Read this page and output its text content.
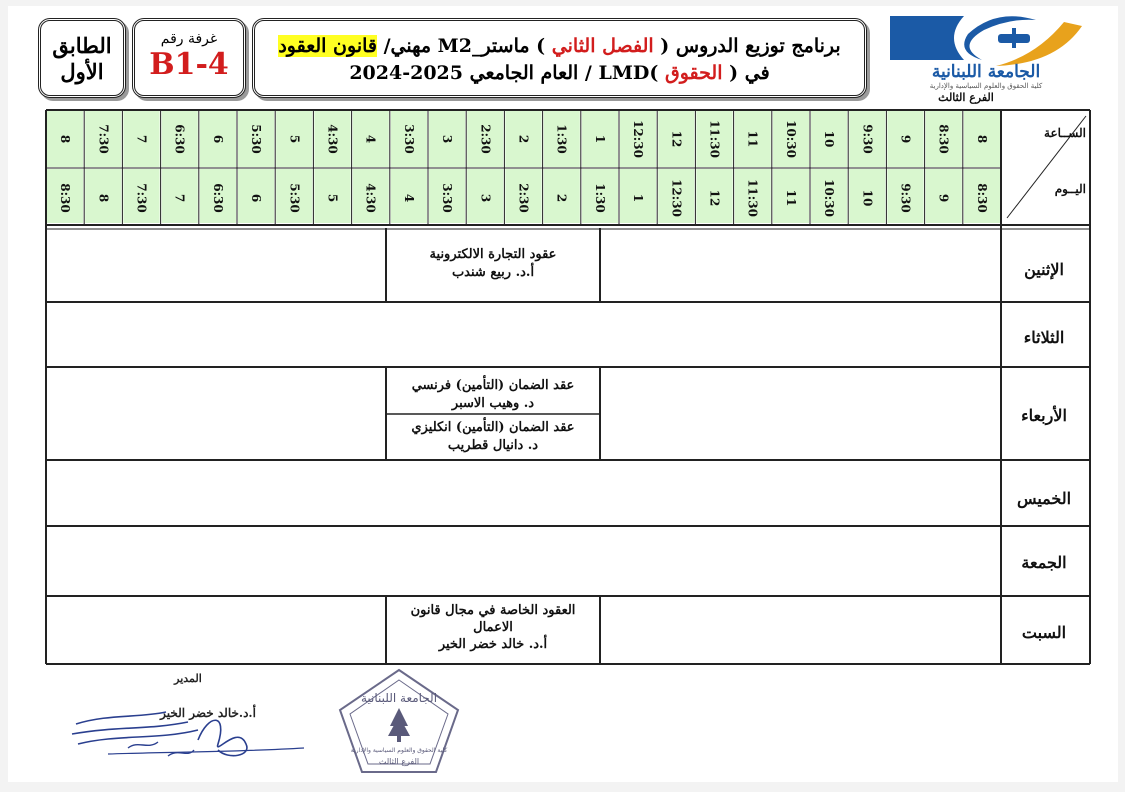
الطابق
الأول
غرفة رقم
B1-4
برنامج توزيع الدروس ( الفصل الثاني ) ماستر_M2 مهني/ قانون العقود
في ( الحقوق )LMD / العام الجامعي 2025-2024	الجامعة اللبنانية
كلية الحقوق والعلوم السياسية والإدارية
الفرع الثالث
8
8:30
8:30
9
9
9:30
9:30
10
10
10:30
10:30
11
11
11:30
11:30
12
12
12:30
12:30
1
1
1:30
1:30
2
2
2:30
2:30
3
3
3:30
3:30
4
4
4:30
4:30
5
5
5:30
5:30
6
6
6:30
6:30
7
7
7:30
7:30
8
8
8:30
الســاعة
اليــوم
الإثنين
الثلاثاء
الأربعاء
الخميس
الجمعة
السبت
عقود التجارة الالكترونية
أ.د. ربيع شندب
عقد الضمان (التأمين) فرنسي
د. وهيب الاسبر
عقد الضمان (التأمين) انكليزي
د. دانيال قطريب
العقود الخاصة في مجال قانون
الاعمال
أ.د. خالد خضر الخير
المدير
أ.د.خالد خضر الخير
الجامعة اللبنانية
كلية الحقوق والعلوم السياسية والإدارية
الفرع الثالث
